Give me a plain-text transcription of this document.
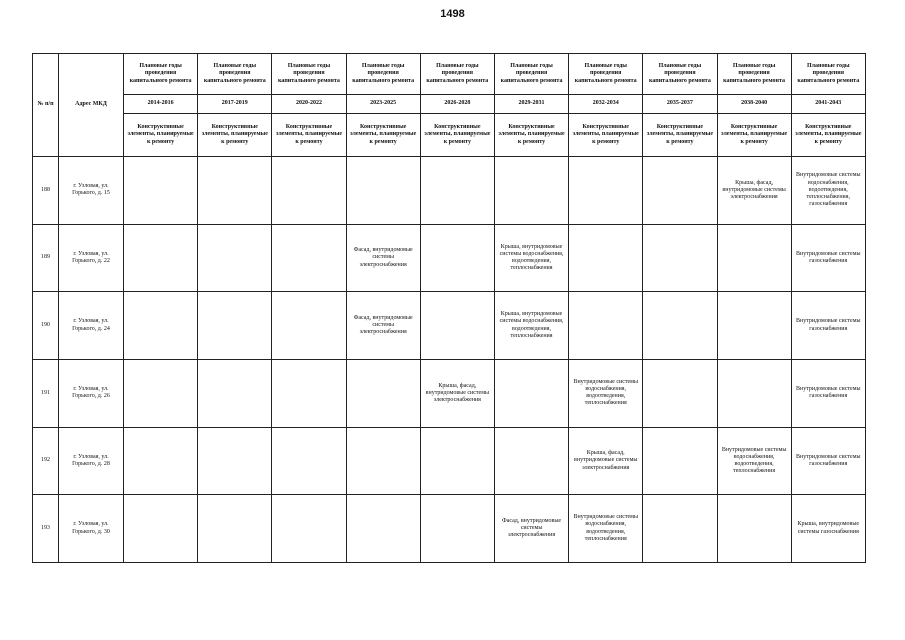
1498
№ п/п	Адрес МКД	Плановые годы проведения капитального ремонта	Плановые годы проведения капитального ремонта	Плановые годы проведения капитального ремонта	Плановые годы проведения капитального ремонта	Плановые годы проведения капитального ремонта	Плановые годы проведения капитального ремонта	Плановые годы проведения капитального ремонта	Плановые годы проведения капитального ремонта	Плановые годы проведения капитального ремонта	Плановые годы проведения капитального ремонта
		2014-2016	2017-2019	2020-2022	2023-2025	2026-2028	2029-2031	2032-2034	2035-2037	2038-2040	2041-2043
		Конструктивные элементы, планируемые к ремонту	Конструктивные элементы, планируемые к ремонту	Конструктивные элементы, планируемые к ремонту	Конструктивные элементы, планируемые к ремонту	Конструктивные элементы, планируемые к ремонту	Конструктивные элементы, планируемые к ремонту	Конструктивные элементы, планируемые к ремонту	Конструктивные элементы, планируемые к ремонту	Конструктивные элементы, планируемые к ремонту	Конструктивные элементы, планируемые к ремонту
188	г. Узловая, ул. Горького, д. 15									Крыша, фасад, внутридомовые системы электроснабжения	Внутридомовые системы водоснабжения, водоотведения, теплоснабжения, газоснабжения
189	г. Узловая, ул. Горького, д. 22				Фасад, внутридомовые системы электроснабжения		Крыша, внутридомовые системы водоснабжения, водоотведения, теплоснабжения				Внутридомовые системы газоснабжения
190	г. Узловая, ул. Горького, д. 24				Фасад, внутридомовые системы электроснабжения		Крыша, внутридомовые системы водоснабжения, водоотведения, теплоснабжения				Внутридомовые системы газоснабжения
191	г. Узловая, ул. Горького, д. 26					Крыша, фасад, внутридомовые системы электроснабжения		Внутридомовые системы водоснабжения, водоотведения, теплоснабжения			Внутридомовые системы газоснабжения
192	г. Узловая, ул. Горького, д. 28							Крыша, фасад, внутридомовые системы электроснабжения		Внутридомовые системы водоснабжения, водоотведения, теплоснабжения	Внутридомовые системы газоснабжения
193	г. Узловая, ул. Горького, д. 30						Фасад, внутридомовые системы электроснабжения	Внутридомовые системы водоснабжения, водоотведения, теплоснабжения			Крыша, внутридомовые системы газоснабжения
